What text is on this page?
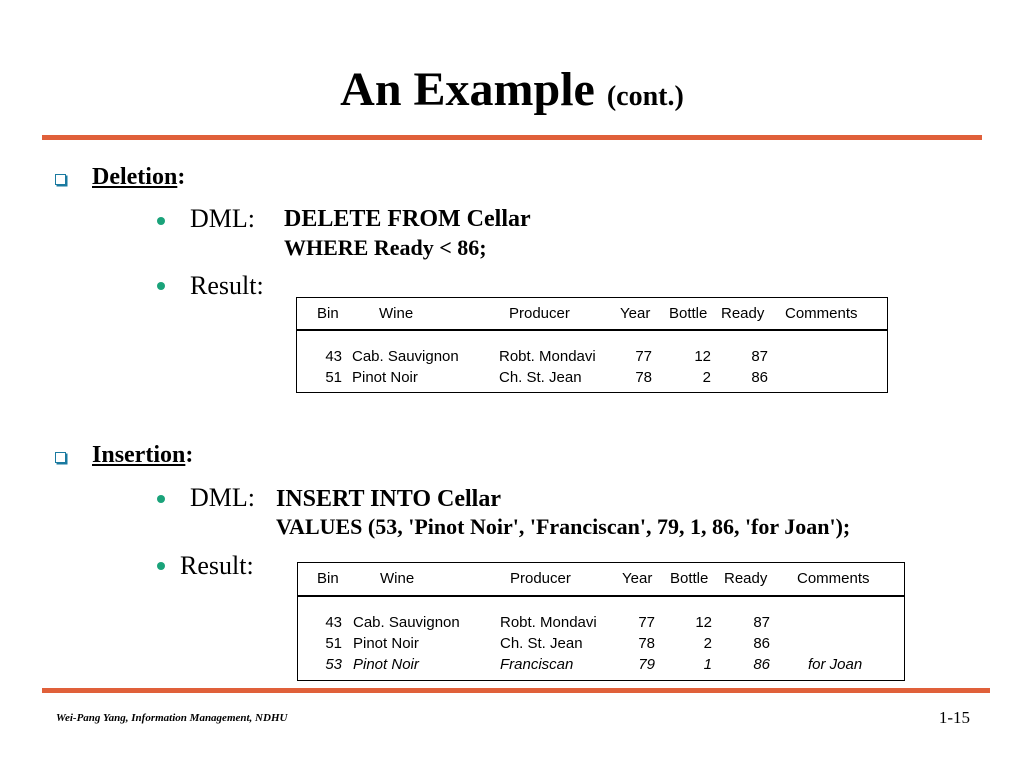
An Example (cont.)
Deletion:
DML: DELETE FROM Cellar
WHERE Ready < 86;
Result:
Bin	Wine	Producer	Year Bottle Ready Comments
43 Cab. Sauvignon	Robt. Mondavi	77	12	87
51 Pinot Noir	Ch. St. Jean	78	2	86
Insertion:
DML: INSERT INTO Cellar
VALUES (53, 'Pinot Noir', 'Franciscan', 79, 1, 86, 'for Joan');
Result:	Bin	Wine	Producer	Year Bottle Ready Comments
43 Cab. Sauvignon	Robt. Mondavi	77	12	87
51 Pinot Noir	Ch. St. Jean	78	2	86
53 Pinot Noir	Franciscan	79	1	86	for Joan
Wei-Pang Yang, Information Management, NDHU	1-15
